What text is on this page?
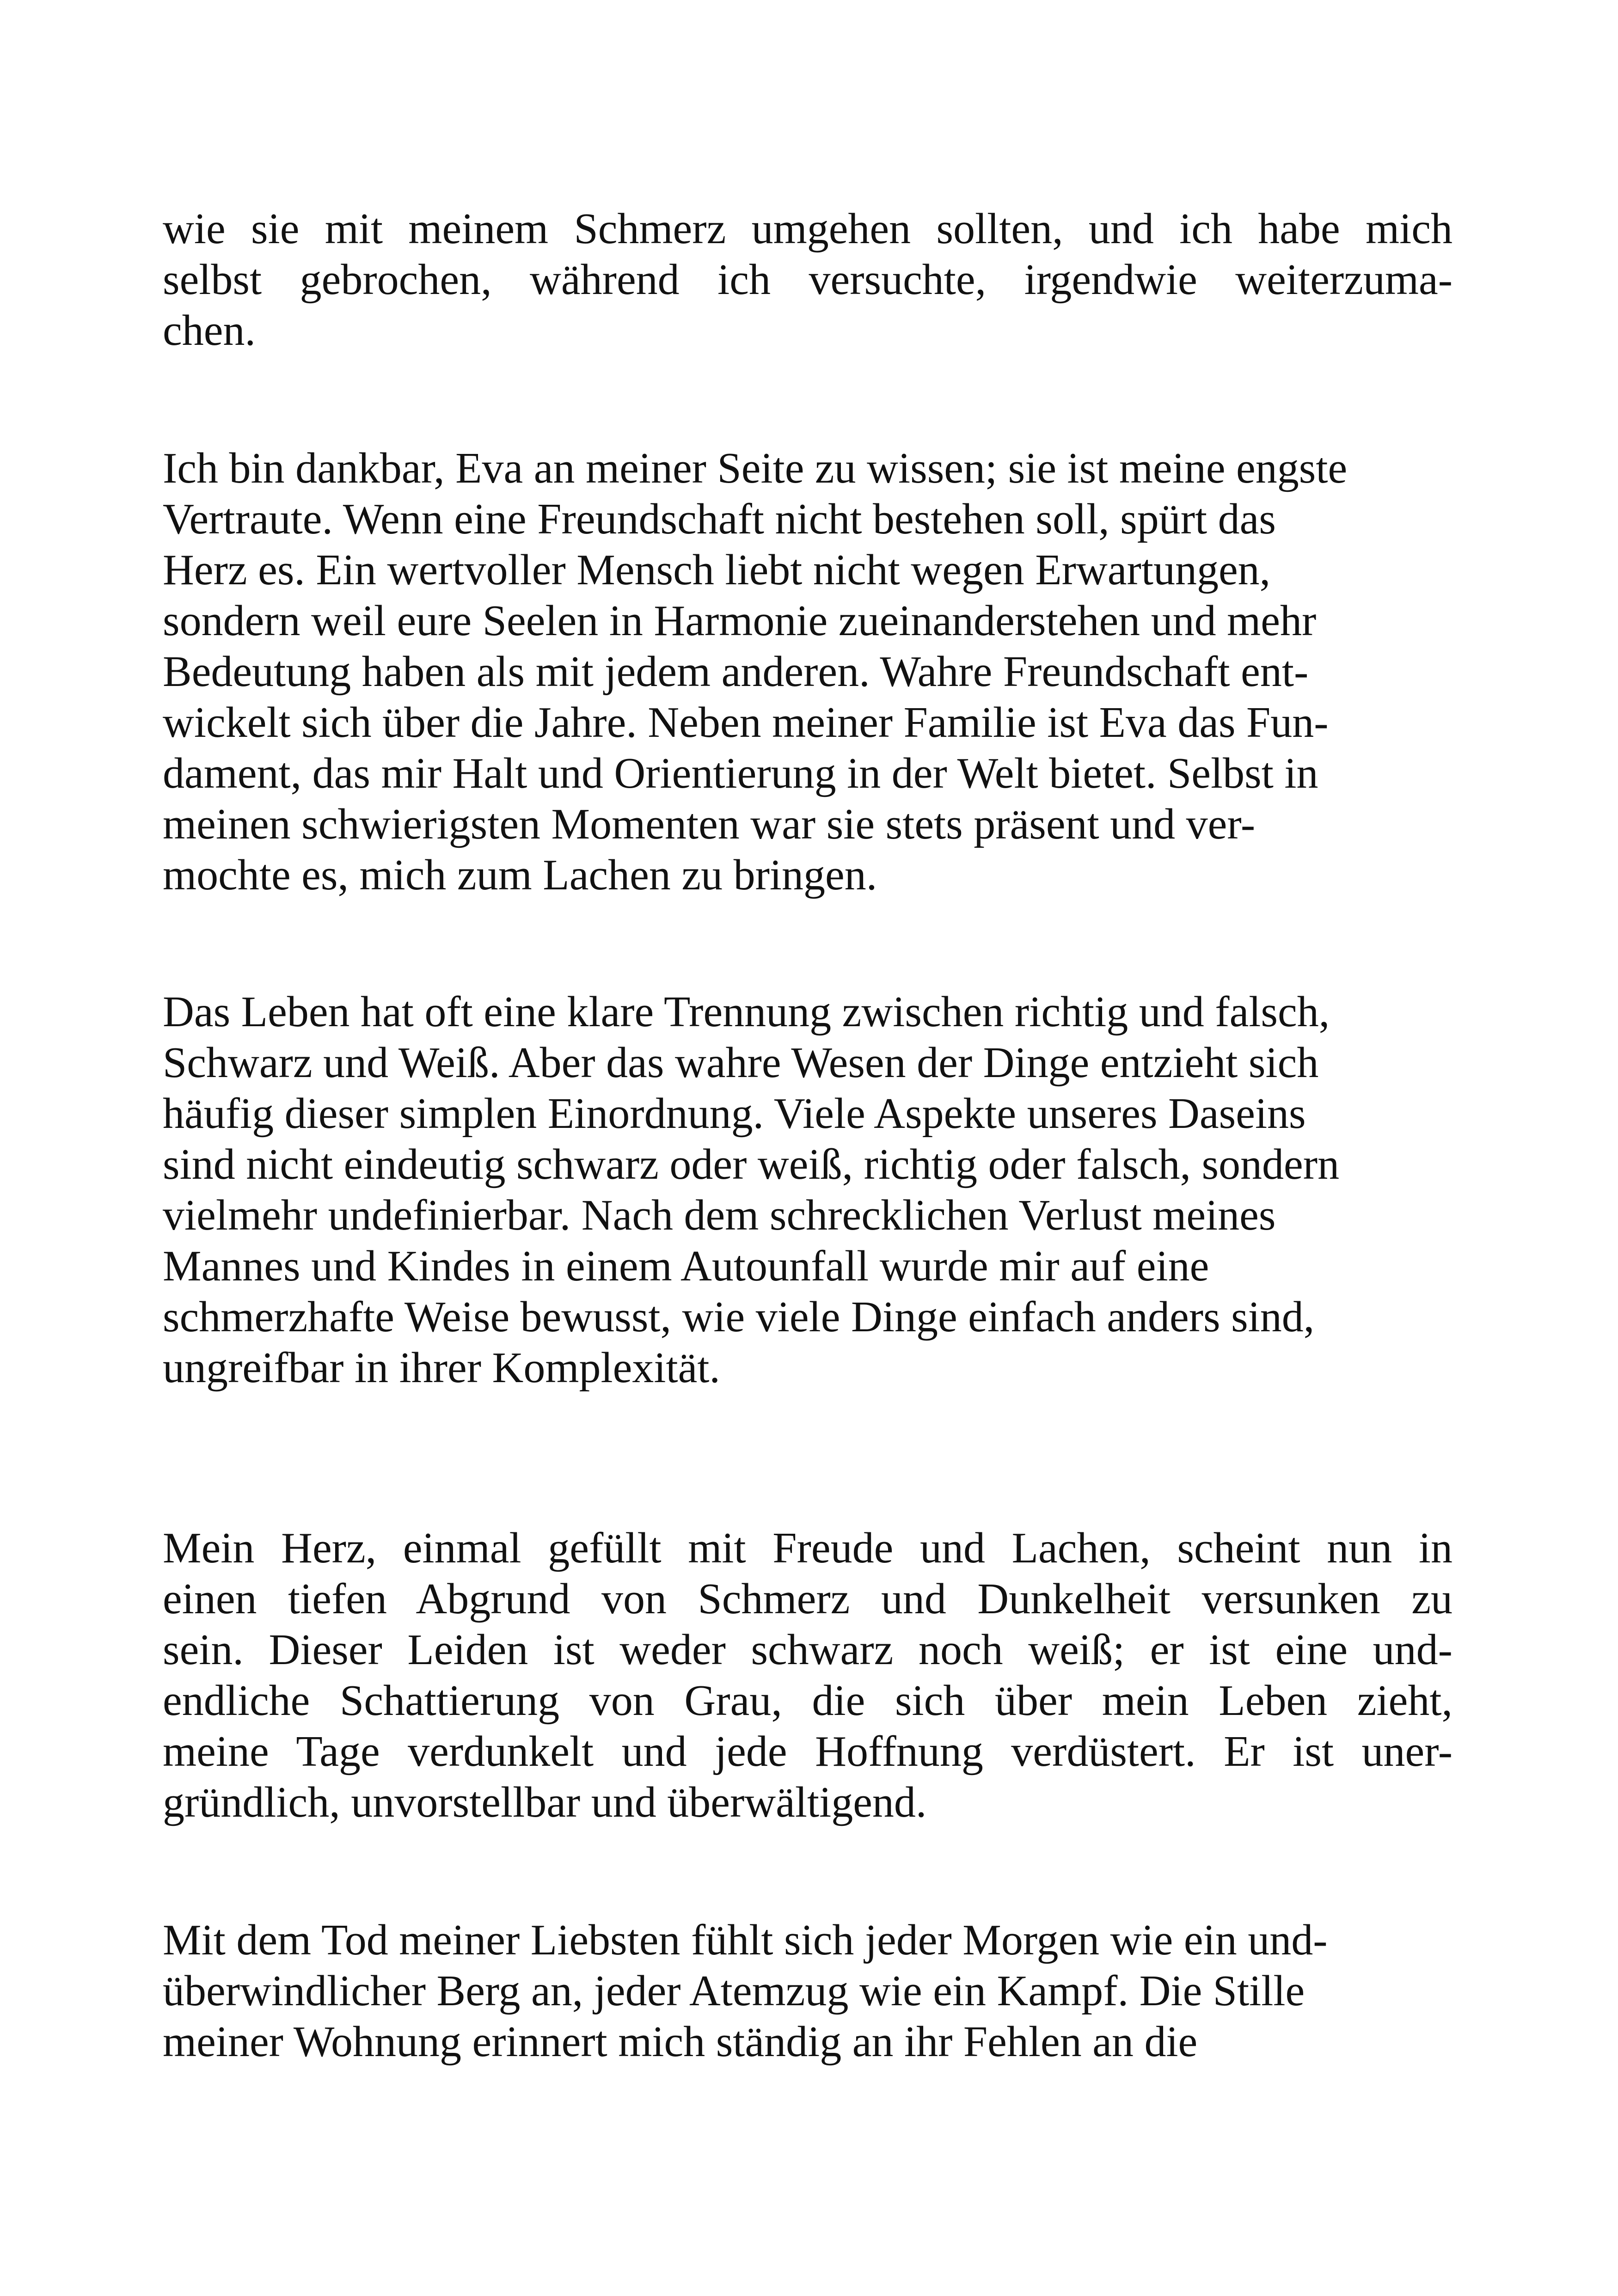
wie sie mit meinem Schmerz umgehen sollten, und ich habe mich
selbst gebrochen, während ich versuchte, irgendwie weiterzuma-
chen.
Ich bin dankbar, Eva an meiner Seite zu wissen; sie ist meine engste
Vertraute. Wenn eine Freundschaft nicht bestehen soll, spürt das
Herz es. Ein wertvoller Mensch liebt nicht wegen Erwartungen,
sondern weil eure Seelen in Harmonie zueinanderstehen und mehr
Bedeutung haben als mit jedem anderen. Wahre Freundschaft ent-
wickelt sich über die Jahre. Neben meiner Familie ist Eva das Fun-
dament, das mir Halt und Orientierung in der Welt bietet. Selbst in
meinen schwierigsten Momenten war sie stets präsent und ver-
mochte es, mich zum Lachen zu bringen.
Das Leben hat oft eine klare Trennung zwischen richtig und falsch,
Schwarz und Weiß. Aber das wahre Wesen der Dinge entzieht sich
häufig dieser simplen Einordnung. Viele Aspekte unseres Daseins
sind nicht eindeutig schwarz oder weiß, richtig oder falsch, sondern
vielmehr undefinierbar. Nach dem schrecklichen Verlust meines
Mannes und Kindes in einem Autounfall wurde mir auf eine
schmerzhafte Weise bewusst, wie viele Dinge einfach anders sind,
ungreifbar in ihrer Komplexität.
Mein Herz, einmal gefüllt mit Freude und Lachen, scheint nun in
einen tiefen Abgrund von Schmerz und Dunkelheit versunken zu
sein. Dieser Leiden ist weder schwarz noch weiß; er ist eine und-
endliche Schattierung von Grau, die sich über mein Leben zieht,
meine Tage verdunkelt und jede Hoffnung verdüstert. Er ist uner-
gründlich, unvorstellbar und überwältigend.
Mit dem Tod meiner Liebsten fühlt sich jeder Morgen wie ein und-
überwindlicher Berg an, jeder Atemzug wie ein Kampf. Die Stille
meiner Wohnung erinnert mich ständig an ihr Fehlen an die
